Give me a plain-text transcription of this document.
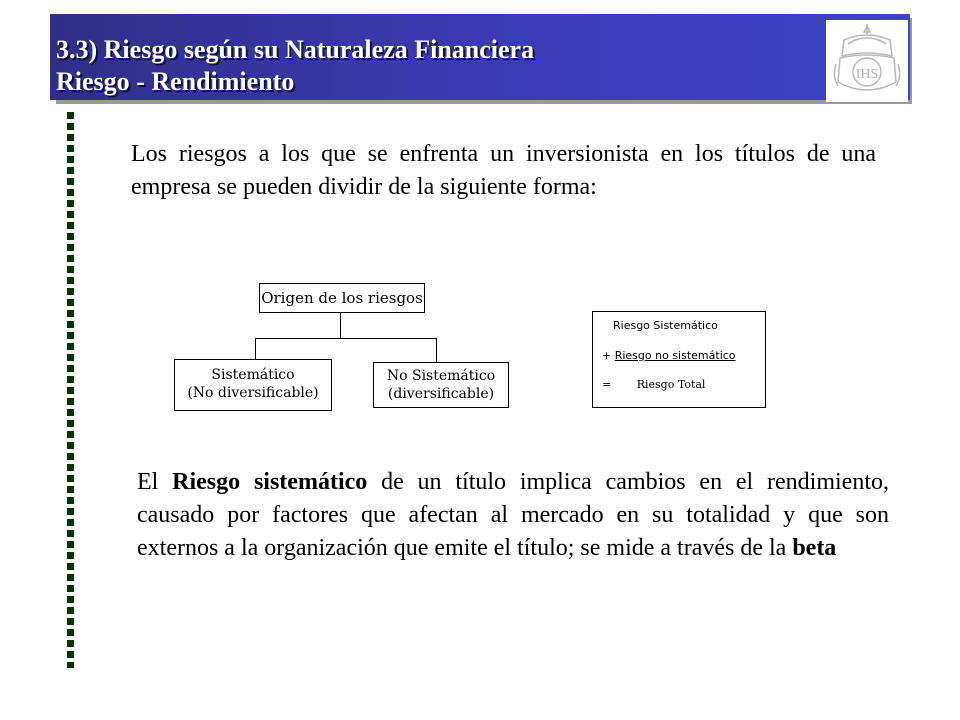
3.3) Riesgo según su Naturaleza Financiera
Riesgo - Rendimiento	IHS
Los riesgos a los que se enfrenta un inversionista en los títulos de una empresa se pueden dividir de la siguiente forma:
Origen de los riesgos
Sistemático
(No diversificable)
No Sistemático
(diversificable)
Riesgo Sistemático
+ Riesgo no sistemático
= Riesgo Total
El Riesgo sistemático de un título implica cambios en el rendimiento, causado por factores que afectan al mercado en su totalidad y que son externos a la organización que emite el título; se mide a través de la beta
